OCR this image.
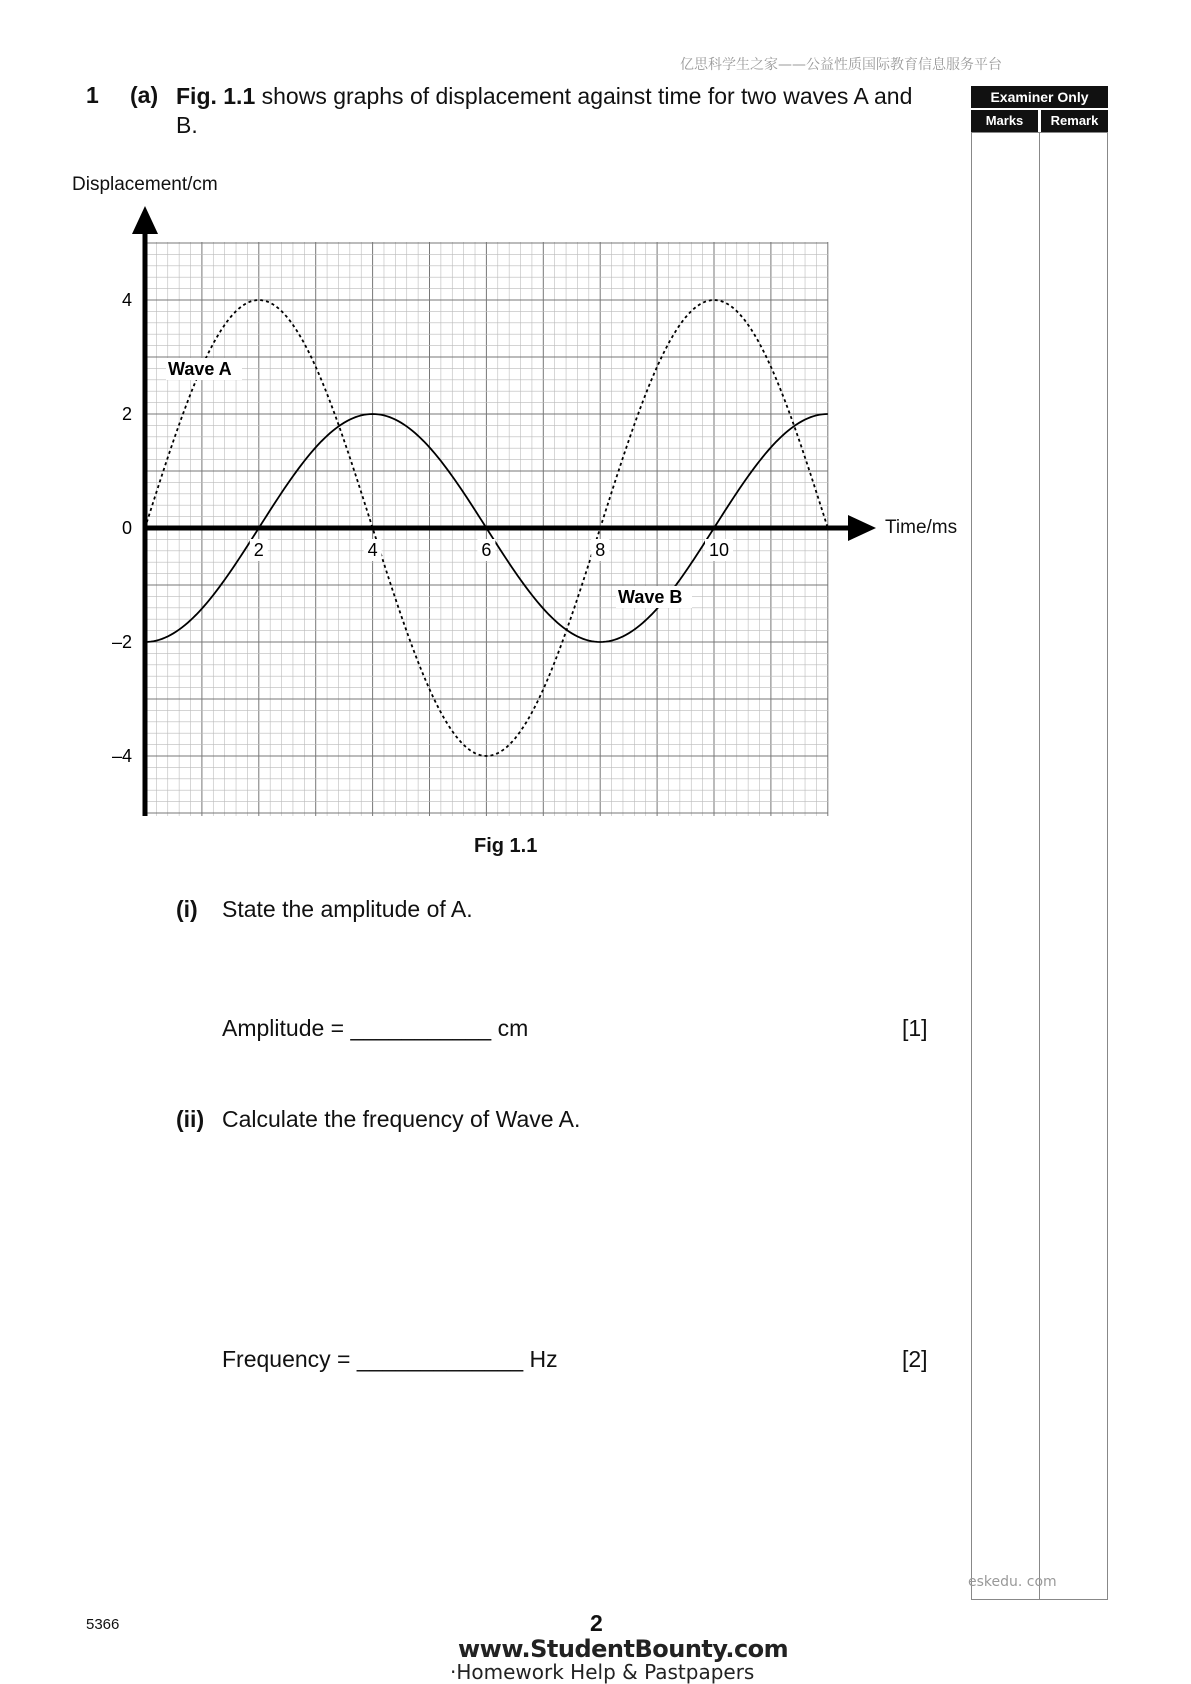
亿思科学生之家——公益性质国际教育信息服务平台
1 (a) Fig. 1.1 shows graphs of displacement against time for two waves A and B.
Examiner Only
Marks	Remark
Displacement/cm
Time/ms
4
2
0
–2
–4
2	4	6	8	10
Wave A
Wave B
Fig 1.1
(i) State the amplitude of A.
Amplitude = ___________ cm	[1]
(ii) Calculate the frequency of Wave A.
Frequency = _____________ Hz	[2]
eskedu. com
5366	2
www.StudentBounty.com
·Homework Help & Pastpapers
